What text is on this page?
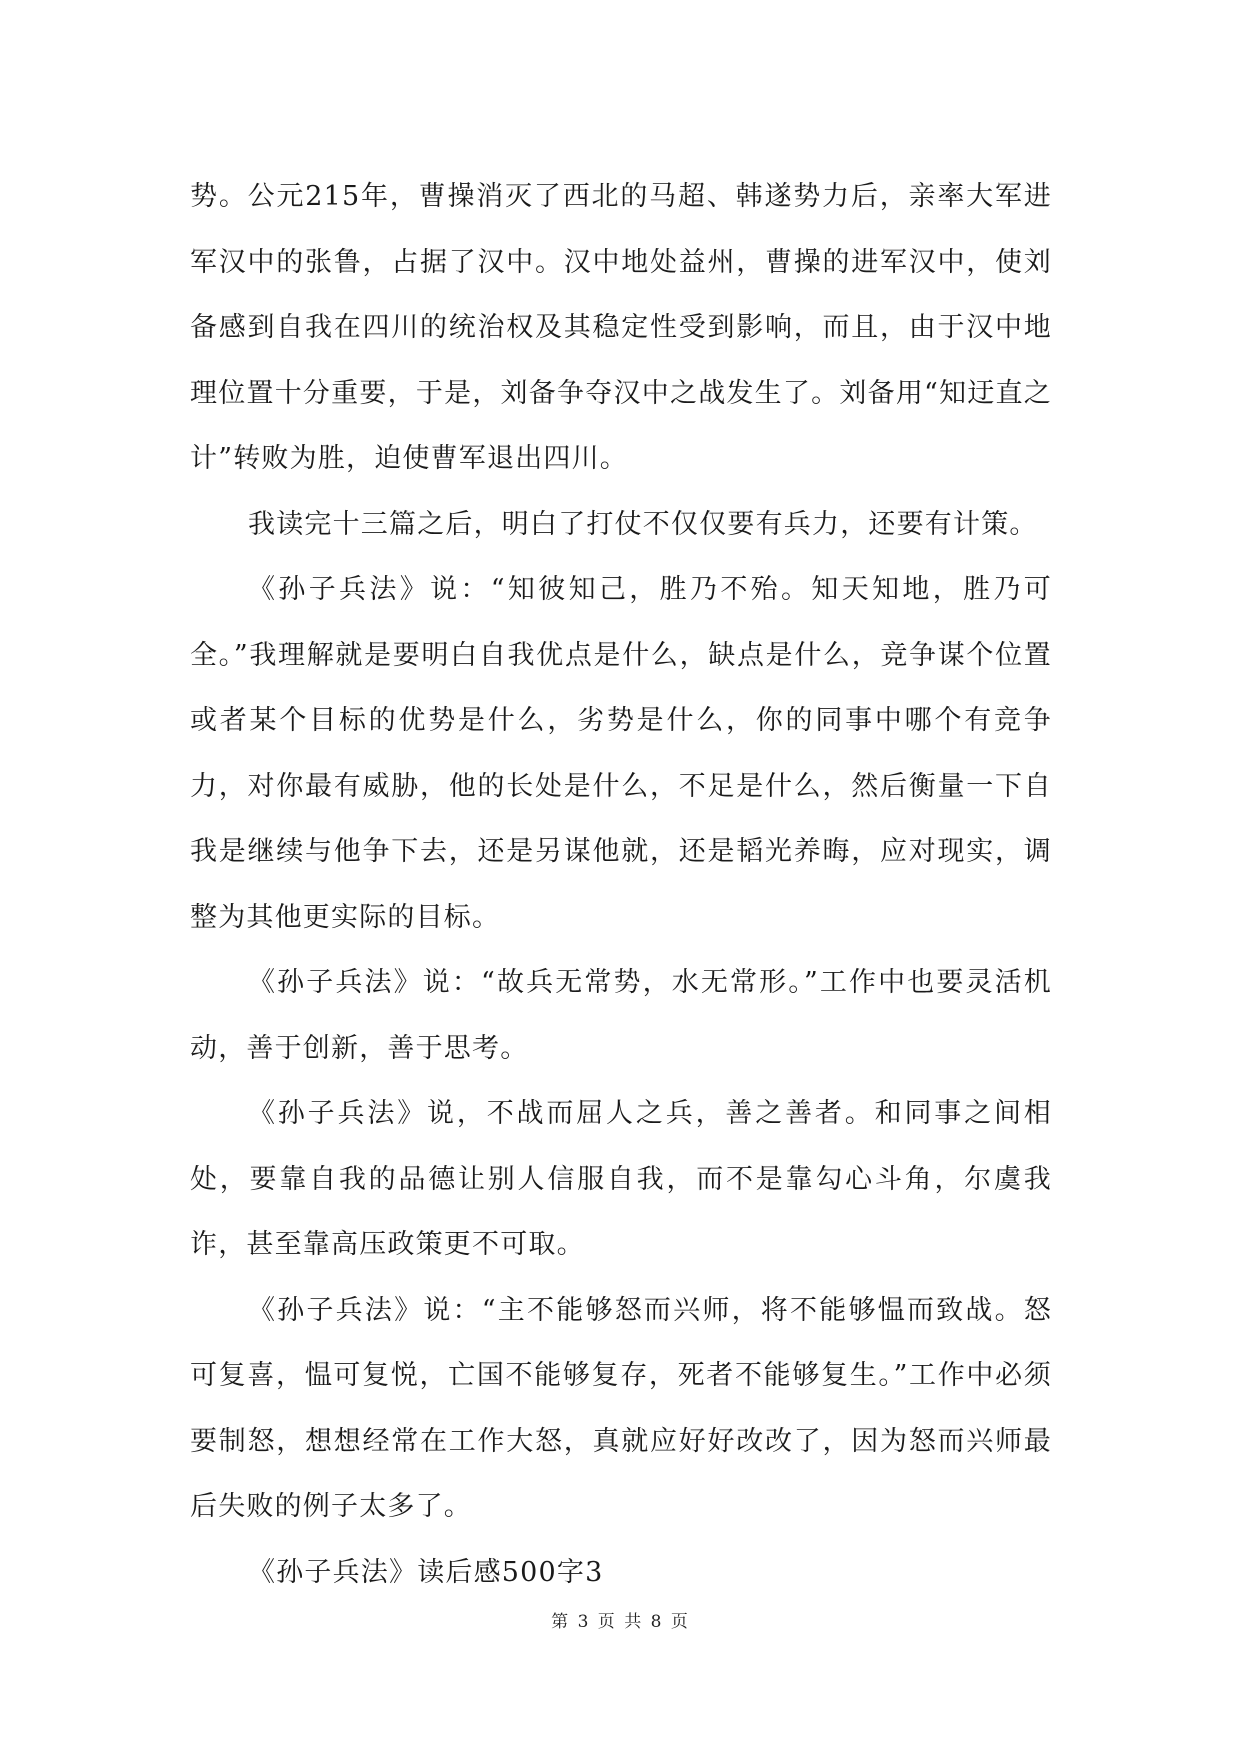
势。公元215年，曹操消灭了西北的马超、韩遂势力后，亲率大军进军汉中的张鲁，占据了汉中。汉中地处益州，曹操的进军汉中，使刘备感到自我在四川的统治权及其稳定性受到影响，而且，由于汉中地理位置十分重要，于是，刘备争夺汉中之战发生了。刘备用“知迂直之计”转败为胜，迫使曹军退出四川。

我读完十三篇之后，明白了打仗不仅仅要有兵力，还要有计策。

《孙子兵法》说：“知彼知己，胜乃不殆。知天知地，胜乃可全。”我理解就是要明白自我优点是什么，缺点是什么，竞争谋个位置或者某个目标的优势是什么，劣势是什么，你的同事中哪个有竞争力，对你最有威胁，他的长处是什么，不足是什么，然后衡量一下自我是继续与他争下去，还是另谋他就，还是韬光养晦，应对现实，调整为其他更实际的目标。

《孙子兵法》说：“故兵无常势，水无常形。”工作中也要灵活机动，善于创新，善于思考。

《孙子兵法》说，不战而屈人之兵，善之善者。和同事之间相处，要靠自我的品德让别人信服自我，而不是靠勾心斗角，尔虞我诈，甚至靠高压政策更不可取。

《孙子兵法》说：“主不能够怒而兴师，将不能够愠而致战。怒可复喜，愠可复悦，亡国不能够复存，死者不能够复生。”工作中必须要制怒，想想经常在工作大怒，真就应好好改改了，因为怒而兴师最后失败的例子太多了。

《孙子兵法》读后感500字3

第 3 页 共 8 页
